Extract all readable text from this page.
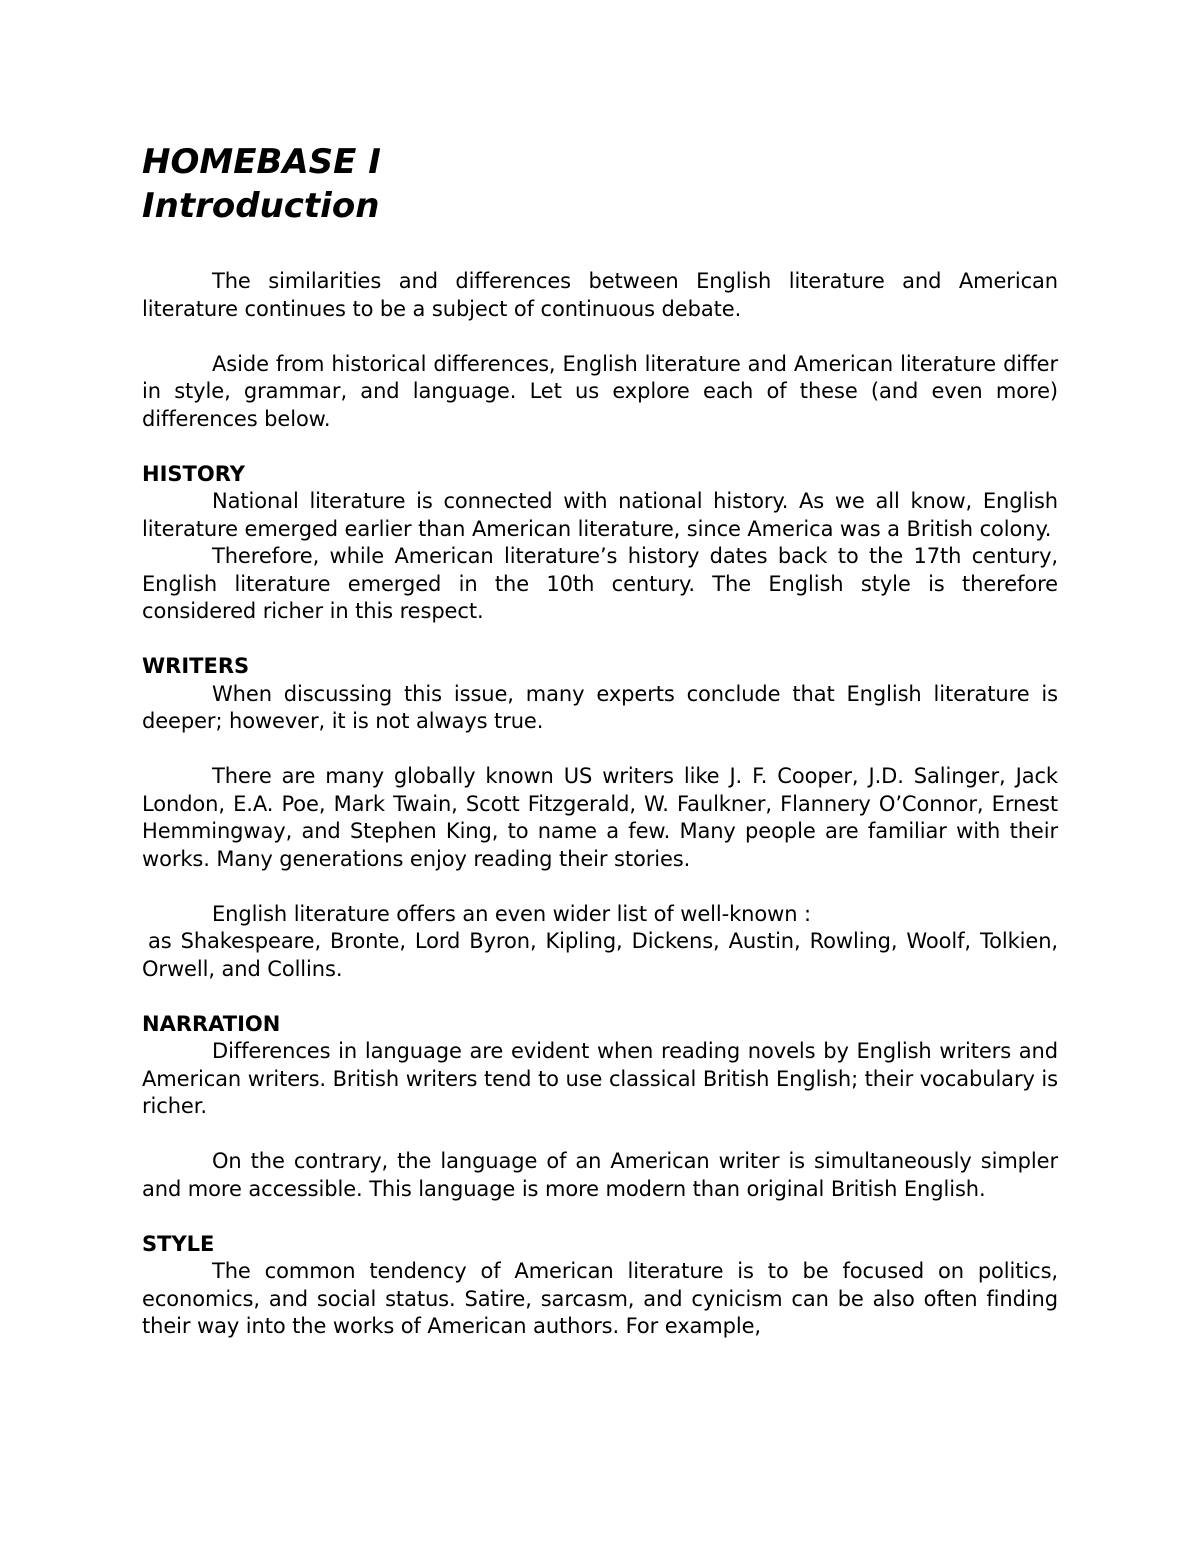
HOMEBASE I
Introduction

The similarities and differences between English literature and American literature continues to be a subject of continuous debate.

Aside from historical differences, English literature and American literature differ in style, grammar, and language. Let us explore each of these (and even more) differences below.

HISTORY

National literature is connected with national history. As we all know, English literature emerged earlier than American literature, since America was a British colony.

Therefore, while American literature’s history dates back to the 17th century, English literature emerged in the 10th century. The English style is therefore considered richer in this respect.

WRITERS

When discussing this issue, many experts conclude that English literature is deeper; however, it is not always true.

There are many globally known US writers like J. F. Cooper, J.D. Salinger, Jack London, E.A. Poe, Mark Twain, Scott Fitzgerald, W. Faulkner, Flannery O’Connor, Ernest Hemmingway, and Stephen King, to name a few. Many people are familiar with their works. Many generations enjoy reading their stories.

English literature offers an even wider list of well-known :

as Shakespeare, Bronte, Lord Byron, Kipling, Dickens, Austin, Rowling, Woolf, Tolkien, Orwell, and Collins.

NARRATION

Differences in language are evident when reading novels by English writers and American writers. British writers tend to use classical British English; their vocabulary is richer.

On the contrary, the language of an American writer is simultaneously simpler and more accessible. This language is more modern than original British English.

STYLE

The common tendency of American literature is to be focused on politics, economics, and social status. Satire, sarcasm, and cynicism can be also often finding their way into the works of American authors. For example,
